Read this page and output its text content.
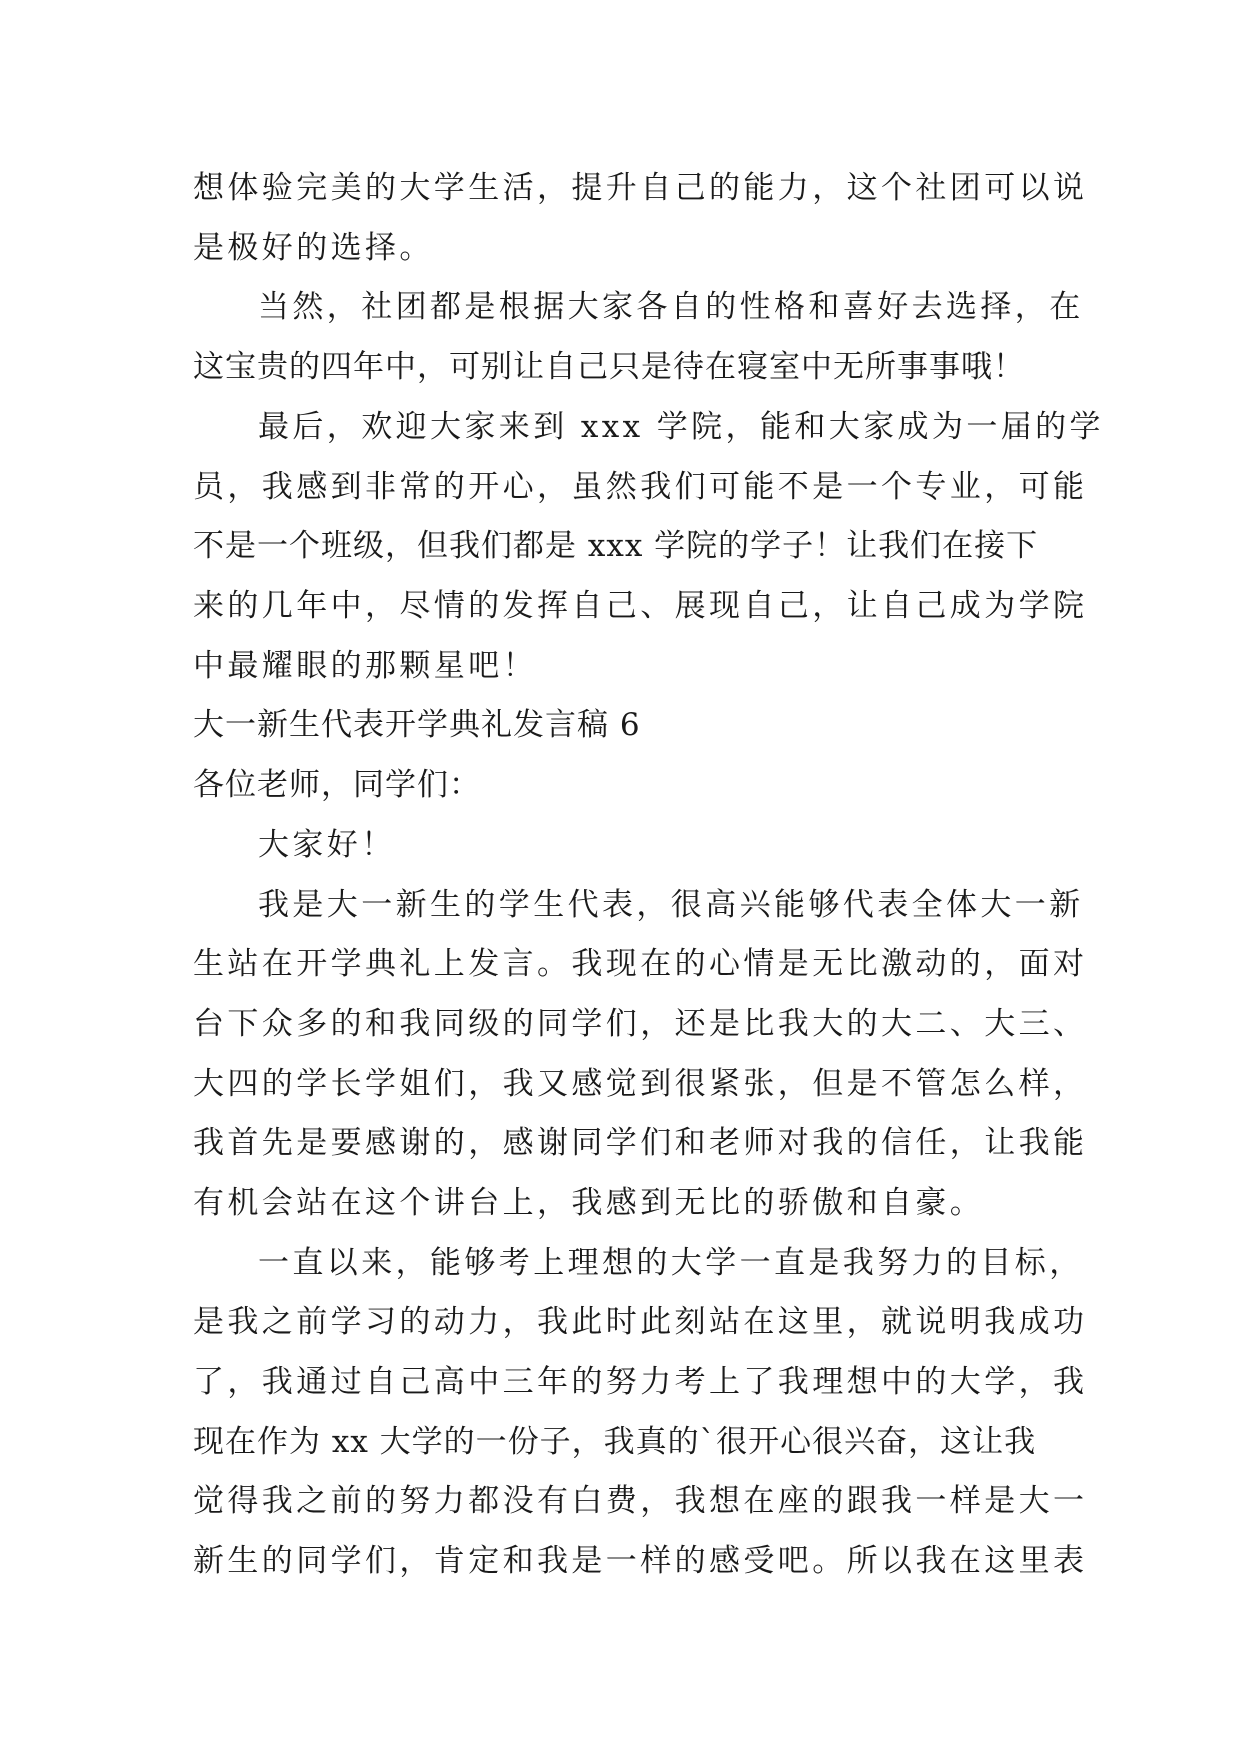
想体验完美的大学生活，提升自己的能力，这个社团可以说
是极好的选择。
当然，社团都是根据大家各自的性格和喜好去选择，在
这宝贵的四年中，可别让自己只是待在寝室中无所事事哦！
最后，欢迎大家来到 xxx 学院，能和大家成为一届的学
员，我感到非常的开心，虽然我们可能不是一个专业，可能
不是一个班级，但我们都是 xxx 学院的学子！让我们在接下
来的几年中，尽情的发挥自己、展现自己，让自己成为学院
中最耀眼的那颗星吧！
大一新生代表开学典礼发言稿 6
各位老师，同学们：
大家好！
我是大一新生的学生代表，很高兴能够代表全体大一新
生站在开学典礼上发言。我现在的心情是无比激动的，面对
台下众多的和我同级的同学们，还是比我大的大二、大三、
大四的学长学姐们，我又感觉到很紧张，但是不管怎么样，
我首先是要感谢的，感谢同学们和老师对我的信任，让我能
有机会站在这个讲台上，我感到无比的骄傲和自豪。
一直以来，能够考上理想的大学一直是我努力的目标，
是我之前学习的动力，我此时此刻站在这里，就说明我成功
了，我通过自己高中三年的努力考上了我理想中的大学，我
现在作为 xx 大学的一份子，我真的`很开心很兴奋，这让我
觉得我之前的努力都没有白费，我想在座的跟我一样是大一
新生的同学们，肯定和我是一样的感受吧。所以我在这里表
